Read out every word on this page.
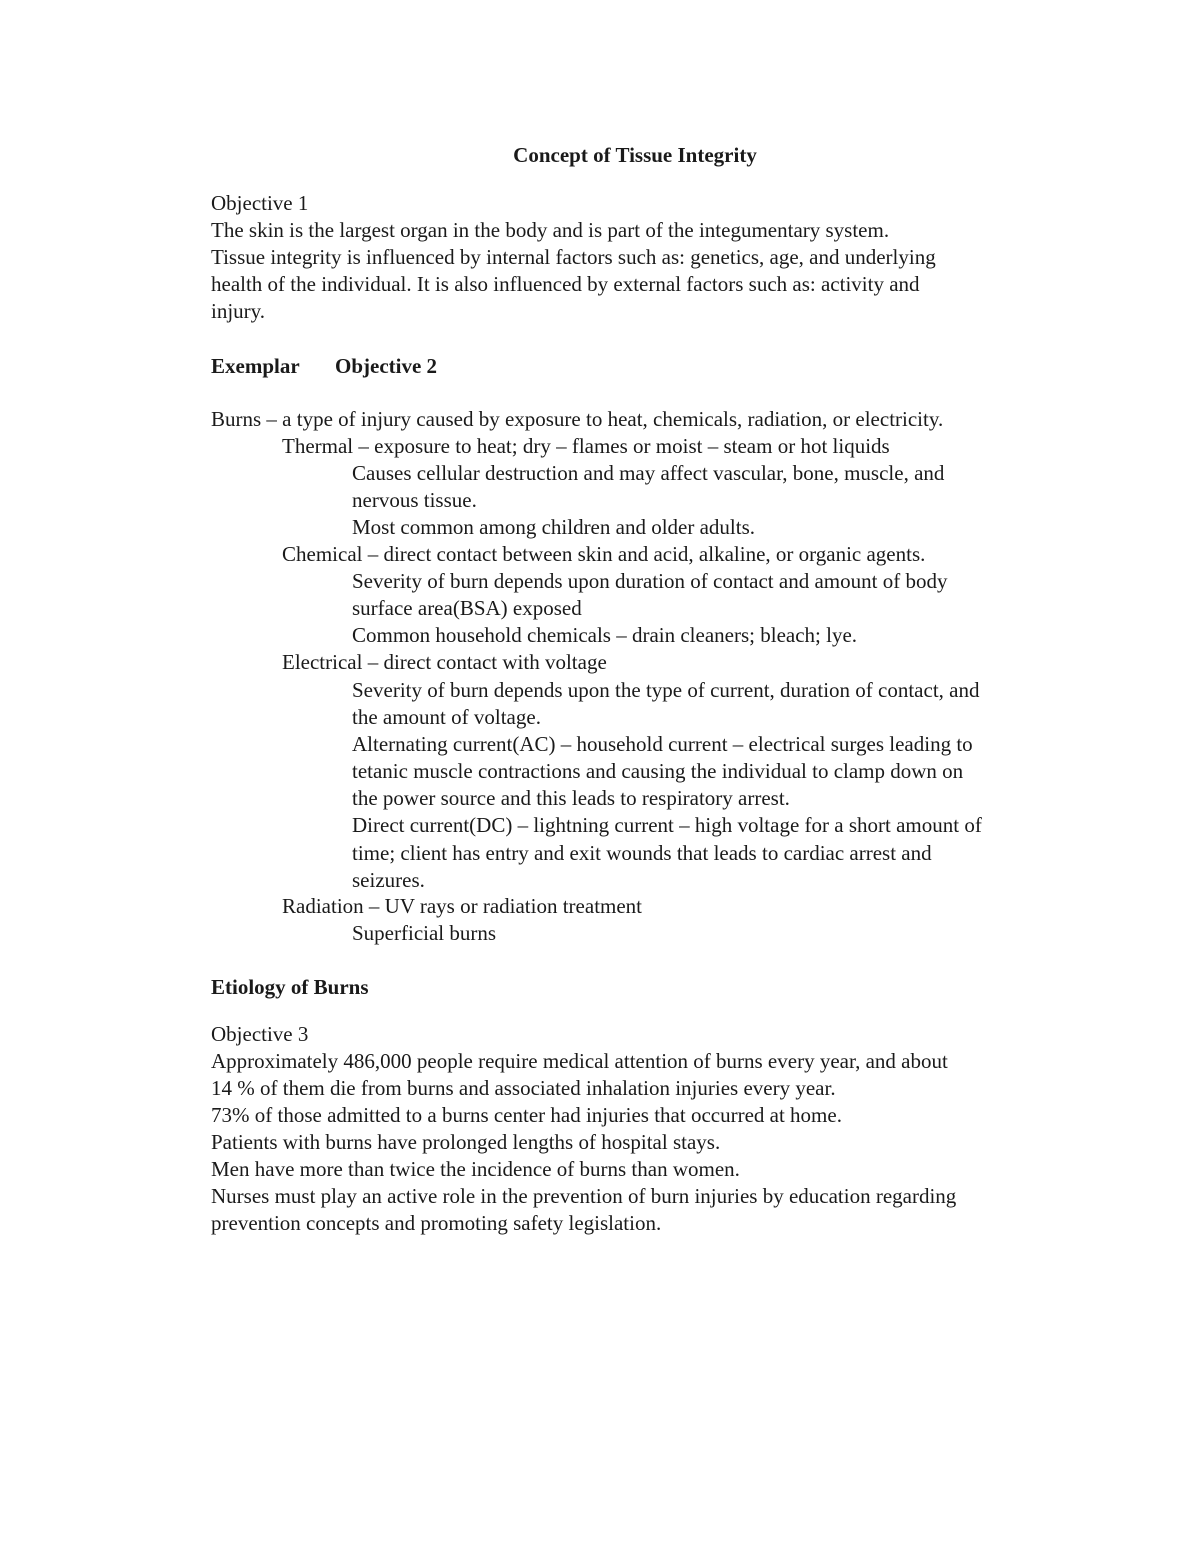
Concept of Tissue Integrity
Objective 1
The skin is the largest organ in the body and is part of the integumentary system.
Tissue integrity is influenced by internal factors such as: genetics, age, and underlying
health of the individual. It is also influenced by external factors such as: activity and
injury.
Exemplar Objective 2
Burns – a type of injury caused by exposure to heat, chemicals, radiation, or electricity.
Thermal – exposure to heat; dry – flames or moist – steam or hot liquids
Causes cellular destruction and may affect vascular, bone, muscle, and
nervous tissue.
Most common among children and older adults.
Chemical – direct contact between skin and acid, alkaline, or organic agents.
Severity of burn depends upon duration of contact and amount of body
surface area(BSA) exposed
Common household chemicals – drain cleaners; bleach; lye.
Electrical – direct contact with voltage
Severity of burn depends upon the type of current, duration of contact, and
the amount of voltage.
Alternating current(AC) – household current – electrical surges leading to
tetanic muscle contractions and causing the individual to clamp down on
the power source and this leads to respiratory arrest.
Direct current(DC) – lightning current – high voltage for a short amount of
time; client has entry and exit wounds that leads to cardiac arrest and
seizures.
Radiation – UV rays or radiation treatment
Superficial burns
Etiology of Burns
Objective 3
Approximately 486,000 people require medical attention of burns every year, and about
14 % of them die from burns and associated inhalation injuries every year.
73% of those admitted to a burns center had injuries that occurred at home.
Patients with burns have prolonged lengths of hospital stays.
Men have more than twice the incidence of burns than women.
Nurses must play an active role in the prevention of burn injuries by education regarding
prevention concepts and promoting safety legislation.
